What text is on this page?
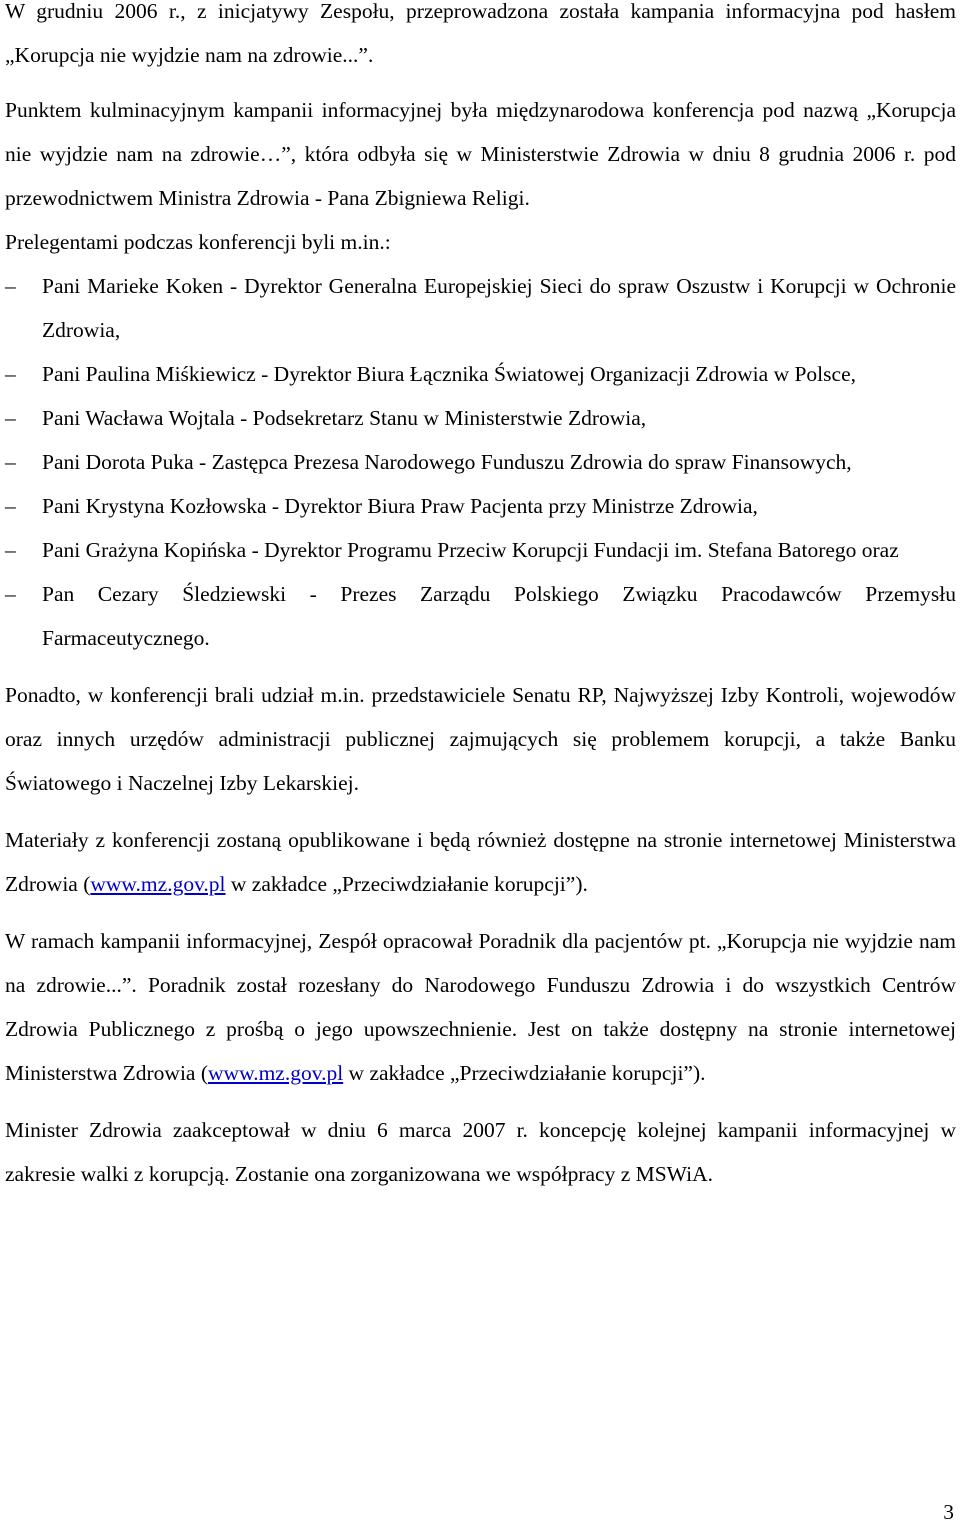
W grudniu 2006 r., z inicjatywy Zespołu, przeprowadzona została kampania informacyjna pod hasłem „Korupcja nie wyjdzie nam na zdrowie...”.

Punktem kulminacyjnym kampanii informacyjnej była międzynarodowa konferencja pod nazwą „Korupcja nie wyjdzie nam na zdrowie…”, która odbyła się w Ministerstwie Zdrowia w dniu 8 grudnia 2006 r. pod przewodnictwem Ministra Zdrowia - Pana Zbigniewa Religi.

Prelegentami podczas konferencji byli m.in.:

–	Pani Marieke Koken - Dyrektor Generalna Europejskiej Sieci do spraw Oszustw i Korupcji w Ochronie Zdrowia,
–	Pani Paulina Miśkiewicz - Dyrektor Biura Łącznika Światowej Organizacji Zdrowia w Polsce,
–	Pani Wacława Wojtala - Podsekretarz Stanu w Ministerstwie Zdrowia,
–	Pani Dorota Puka - Zastępca Prezesa Narodowego Funduszu Zdrowia do spraw Finansowych,
–	Pani Krystyna Kozłowska - Dyrektor Biura Praw Pacjenta przy Ministrze Zdrowia,
–	Pani Grażyna Kopińska - Dyrektor Programu Przeciw Korupcji Fundacji im. Stefana Batorego oraz
–	Pan Cezary Śledziewski - Prezes Zarządu Polskiego Związku Pracodawców Przemysłu Farmaceutycznego.

Ponadto, w konferencji brali udział m.in. przedstawiciele Senatu RP, Najwyższej Izby Kontroli, wojewodów oraz innych urzędów administracji publicznej zajmujących się problemem korupcji, a także Banku Światowego i Naczelnej Izby Lekarskiej.

Materiały z konferencji zostaną opublikowane i będą również dostępne na stronie internetowej Ministerstwa Zdrowia (www.mz.gov.pl w zakładce „Przeciwdziałanie korupcji”).

W ramach kampanii informacyjnej, Zespół opracował Poradnik dla pacjentów pt. „Korupcja nie wyjdzie nam na zdrowie...”. Poradnik został rozesłany do Narodowego Funduszu Zdrowia i do wszystkich Centrów Zdrowia Publicznego z prośbą o jego upowszechnienie. Jest on także dostępny na stronie internetowej Ministerstwa Zdrowia (www.mz.gov.pl w zakładce „Przeciwdziałanie korupcji”).

Minister Zdrowia zaakceptował w dniu 6 marca 2007 r. koncepcję kolejnej kampanii informacyjnej w zakresie walki z korupcją. Zostanie ona zorganizowana we współpracy z MSWiA.

3
